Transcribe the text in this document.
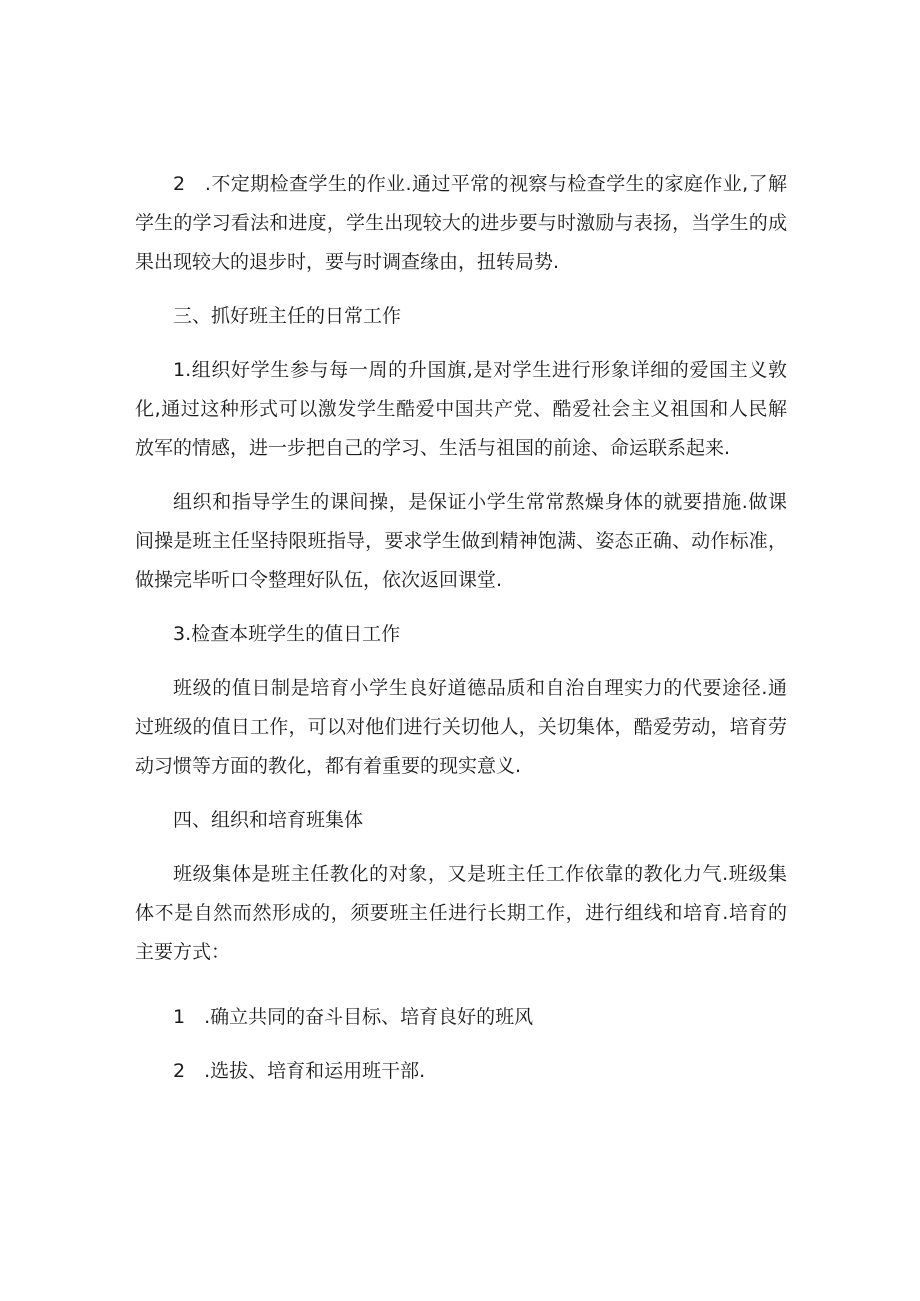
2　.不定期检查学生的作业.通过平常的视察与检查学生的家庭作业,了解学生的学习看法和进度，学生出现较大的进步要与时激励与表扬，当学生的成果出现较大的退步时，要与时调查缘由，扭转局势.

三、抓好班主任的日常工作

1.组织好学生参与每一周的升国旗,是对学生进行形象详细的爱国主义敦化,通过这种形式可以激发学生酷爱中国共产党、酷爱社会主义祖国和人民解放军的情感，进一步把自己的学习、生活与祖国的前途、命运联系起来.

组织和指导学生的课间操，是保证小学生常常熬燥身体的就要措施.做课间操是班主任坚持限班指导，要求学生做到精神饱满、姿态正确、动作标准，做操完毕听口令整理好队伍，依次返回课堂.

3.检查本班学生的值日工作

班级的值日制是培育小学生良好道德品质和自治自理实力的代要途径.通过班级的值日工作，可以对他们进行关切他人，关切集体，酷爱劳动，培育劳动习惯等方面的教化，都有着重要的现实意义.

四、组织和培育班集体

班级集体是班主任教化的对象，又是班主任工作依靠的教化力气.班级集体不是自然而然形成的，须要班主任进行长期工作，进行组线和培育.培育的主要方式：

1　.确立共同的奋斗目标、培育良好的班风

2　.选拔、培育和运用班干部.
